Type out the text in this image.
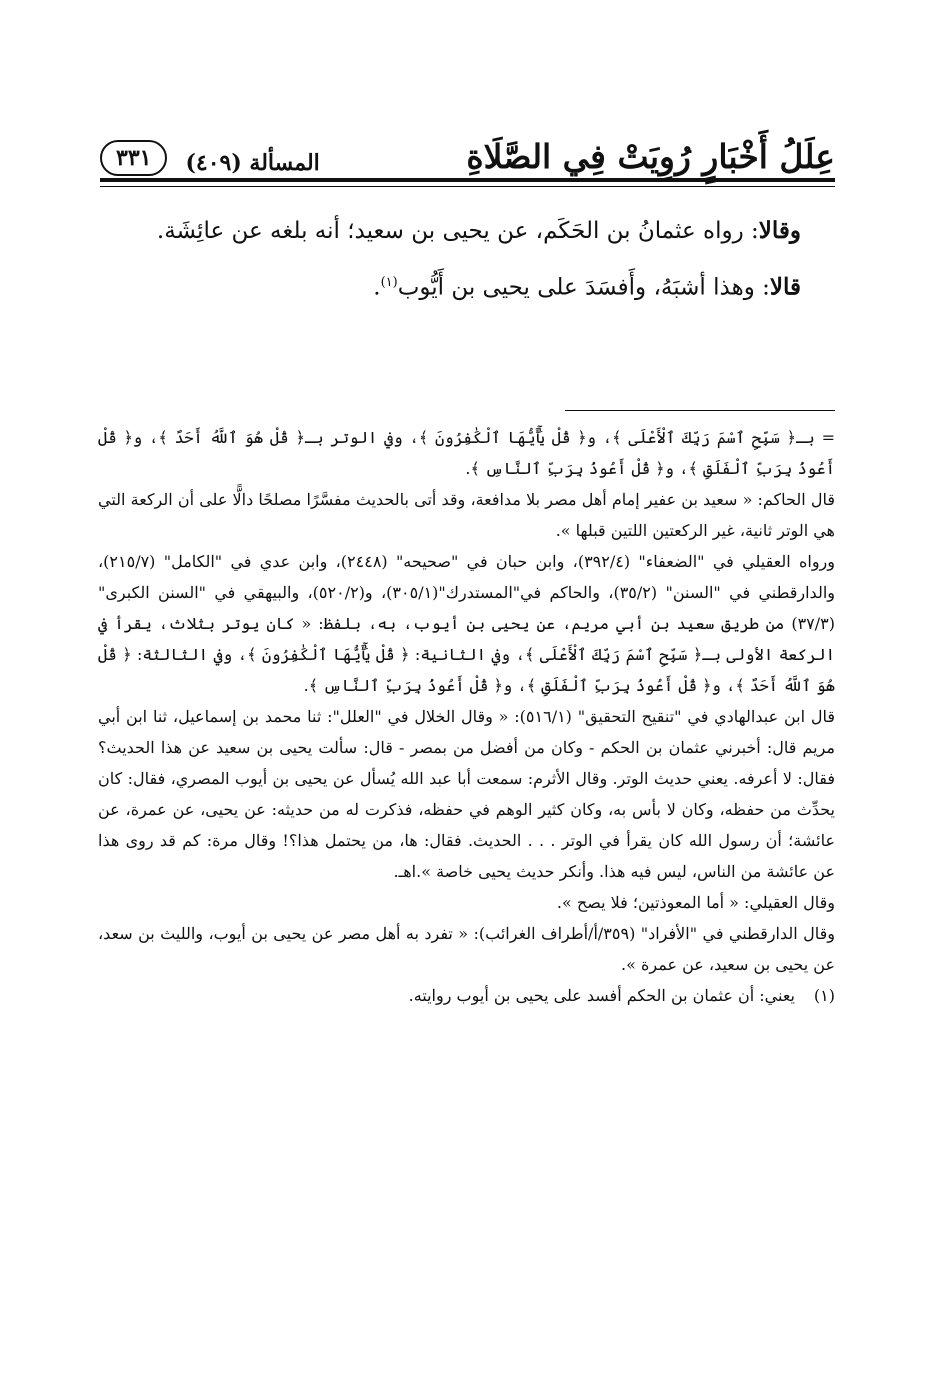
عِلَلُ أَخْبَارٍ رُوِيَتْ فِي الصَّلَاةِ
المسألة (٤٠٩)
٣٣١

وقالا: رواه عثمانُ بن الحَكَم، عن يحيى بن سعيد؛ أنه بلغه عن عائِشَة.

قالا: وهذا أشبَهُ، وأَفسَدَ على يحيى بن أَيُّوب$^{(١)}$.

= بـ﴿ سَبِّحِ ٱسْمَ رَبِّكَ ٱلْأَعْلَى ﴾، و﴿ قُلْ يَٰٓأَيُّهَا ٱلْكَٰفِرُونَ ﴾، وفي الوتر بـ﴿ قُلْ هُوَ ٱللَّهُ أَحَدٌ ﴾، و﴿ قُلْ أَعُوذُ بِرَبِّ ٱلْفَلَقِ ﴾، و﴿ قُلْ أَعُوذُ بِرَبِّ ٱلنَّاسِ ﴾.

قال الحاكم: « سعيد بن عفير إمام أهل مصر بلا مدافعة، وقد أتى بالحديث مفسَّرًا مصلحًا دالًّا على أن الركعة التي هي الوتر ثانية، غير الركعتين اللتين قبلها ».

ورواه العقيلي في "الضعفاء" (٣٩٢/٤)، وابن حبان في "صحيحه" (٢٤٤٨)، وابن عدي في "الكامل" (٢١٥/٧)، والدارقطني في "السنن" (٣٥/٢)، والحاكم في"المستدرك"(٣٠٥/١)، و(٥٢٠/٢)، والبيهقي في "السنن الكبرى"(٣٧/٣) من طريق سعيد بن أبي مريم، عن يحيى بن أيوب، به، بلفظ: « كان يوتر بثلاث، يقرأ في الركعة الأولى بـ﴿ سَبِّحِ ٱسْمَ رَبِّكَ ٱلْأَعْلَى ﴾، وفي الثانية: ﴿ قُلْ يَٰٓأَيُّهَا ٱلْكَٰفِرُونَ ﴾، وفي الثالثة: ﴿ قُلْ هُوَ ٱللَّهُ أَحَدٌ ﴾، و﴿ قُلْ أَعُوذُ بِرَبِّ ٱلْفَلَقِ ﴾، و﴿ قُلْ أَعُوذُ بِرَبِّ ٱلنَّاسِ ﴾.

قال ابن عبدالهادي في "تنقيح التحقيق" (٥١٦/١): « وقال الخلال في "العلل": ثنا محمد بن إسماعيل، ثنا ابن أبي مريم قال: أخبرني عثمان بن الحكم - وكان من أفضل من بمصر - قال: سألت يحيى بن سعيد عن هذا الحديث؟ فقال: لا أعرفه. يعني حديث الوتر. وقال الأثرم: سمعت أبا عبد الله يُسأل عن يحيى بن أيوب المصري، فقال: كان يحدِّث من حفظه، وكان لا بأس به، وكان كثير الوهم في حفظه، فذكرت له من حديثه: عن يحيى، عن عمرة، عن عائشة؛ أن رسول الله كان يقرأ في الوتر . . . الحديث. فقال: ها، من يحتمل هذا؟! وقال مرة: كم قد روى هذا عن عائشة من الناس، ليس فيه هذا. وأنكر حديث يحيى خاصة ».اهـ.

وقال العقيلي: « أما المعوذتين؛ فلا يصح ».

وقال الدارقطني في "الأفراد" (٣٥٩/أ/أطراف الغرائب): « تفرد به أهل مصر عن يحيى بن أيوب، والليث بن سعد، عن يحيى بن سعيد، عن عمرة ».

(١)
يعني: أن عثمان بن الحكم أفسد على يحيى بن أيوب روايته.
